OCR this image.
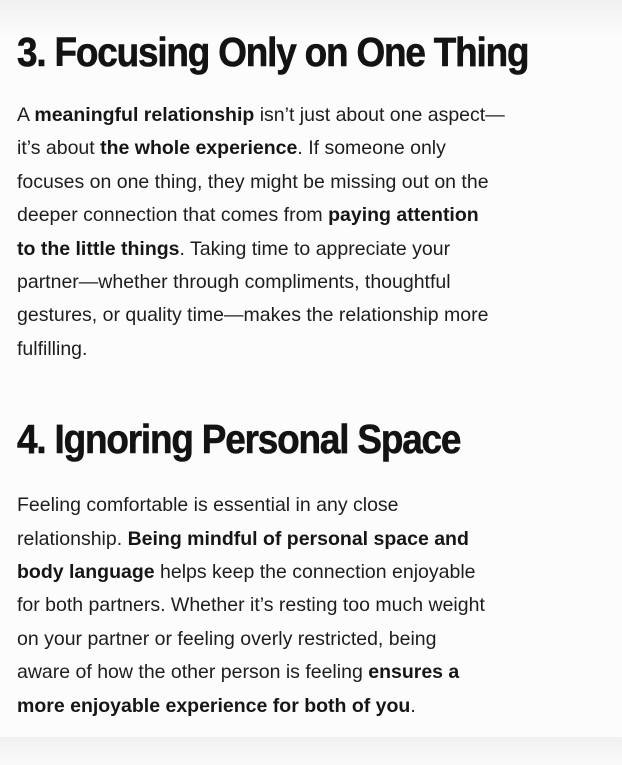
3. Focusing Only on One Thing
A meaningful relationship isn’t just about one aspect—
it’s about the whole experience. If someone only
focuses on one thing, they might be missing out on the
deeper connection that comes from paying attention
to the little things. Taking time to appreciate your
partner—whether through compliments, thoughtful
gestures, or quality time—makes the relationship more
fulfilling.
4. Ignoring Personal Space
Feeling comfortable is essential in any close
relationship. Being mindful of personal space and
body language helps keep the connection enjoyable
for both partners. Whether it’s resting too much weight
on your partner or feeling overly restricted, being
aware of how the other person is feeling ensures a
more enjoyable experience for both of you.
